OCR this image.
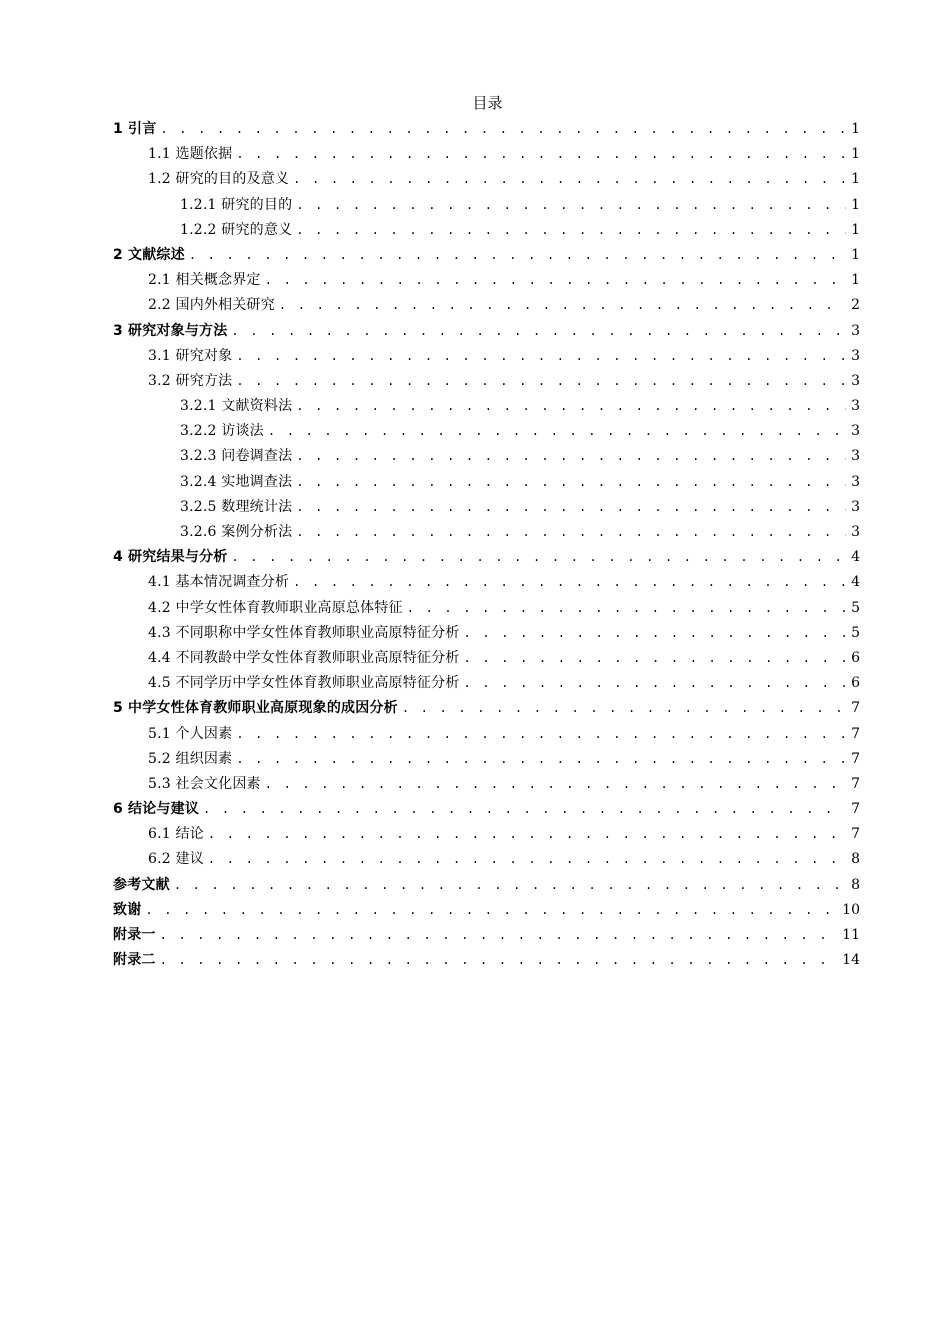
目录
1 引言 . . .	1
1.1 选题依据 . . .	1
1.2 研究的目的及意义 . . .	1
1.2.1 研究的目的 . . .	1
1.2.2 研究的意义 . . .	1
2 文献综述 . . .	1
2.1 相关概念界定 . . .	1
2.2 国内外相关研究 . . .	2
3 研究对象与方法 . . .	3
3.1 研究对象 . . .	3
3.2 研究方法 . . .	3
3.2.1 文献资料法 . . .	3
3.2.2 访谈法 . . .	3
3.2.3 问卷调查法 . . .	3
3.2.4 实地调查法 . . .	3
3.2.5 数理统计法 . . .	3
3.2.6 案例分析法 . . .	3
4 研究结果与分析 . . .	4
4.1 基本情况调查分析 . . .	4
4.2 中学女性体育教师职业高原总体特征 . . .	5
4.3 不同职称中学女性体育教师职业高原特征分析 . . .	5
4.4 不同教龄中学女性体育教师职业高原特征分析 . . .	6
4.5 不同学历中学女性体育教师职业高原特征分析 . . .	6
5 中学女性体育教师职业高原现象的成因分析 . . .	7
5.1 个人因素 . . .	7
5.2 组织因素 . . .	7
5.3 社会文化因素 . . .	7
6 结论与建议 . . .	7
6.1 结论 . . .	7
6.2 建议 . . .	8
参考文献 . . .	8
致谢 . . .	10
附录一 . . .	11
附录二 . . .	14
